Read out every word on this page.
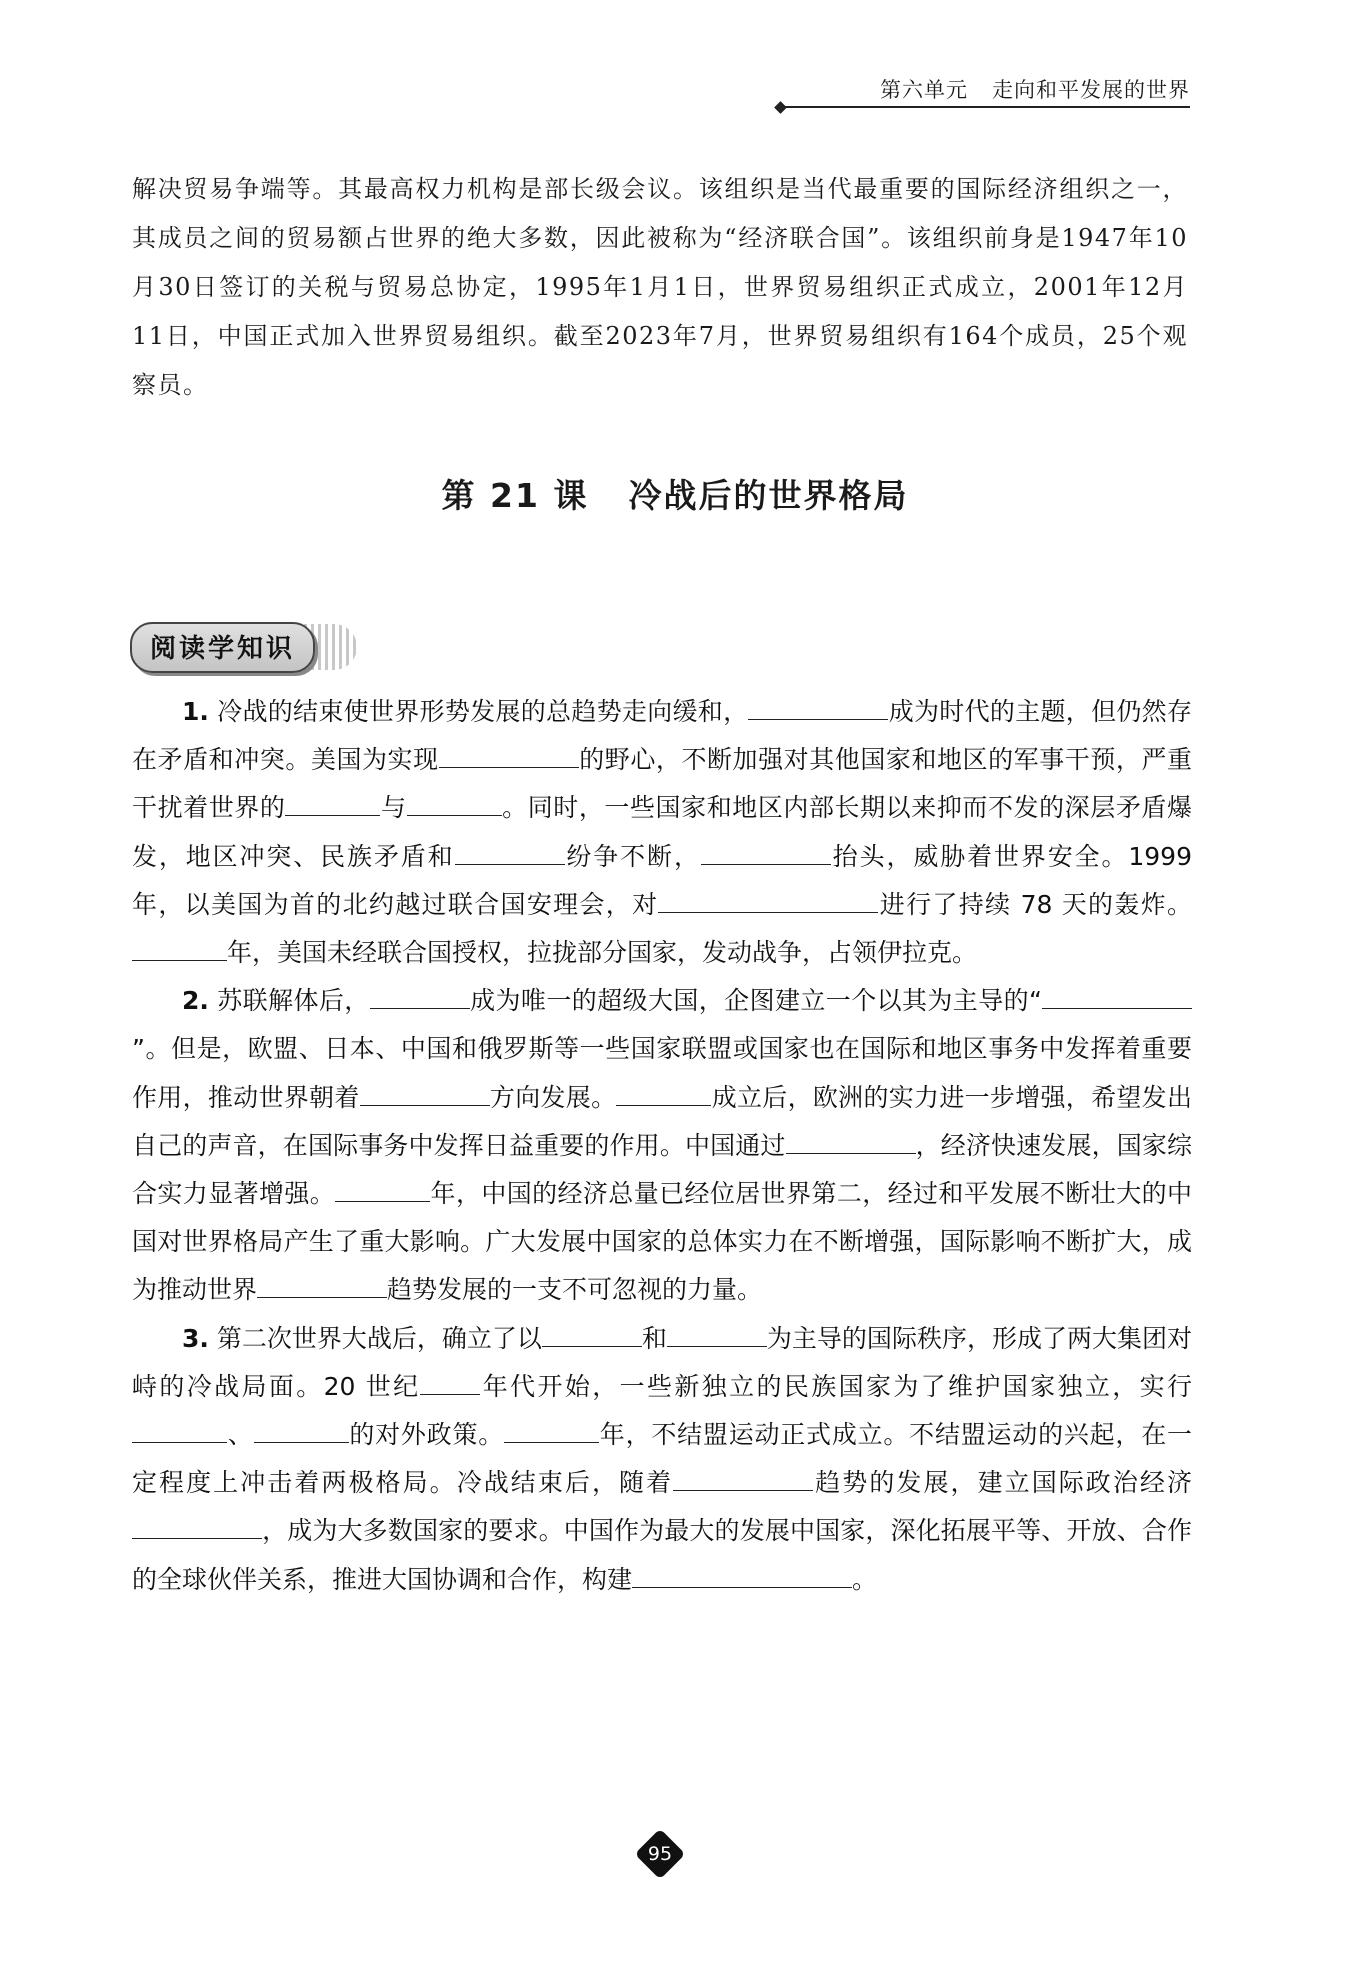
第六单元 走向和平发展的世界
解决贸易争端等。其最高权力机构是部长级会议。该组织是当代最重要的国际经济组织之一，其成员之间的贸易额占世界的绝大多数，因此被称为“经济联合国”。该组织前身是1947年10月30日签订的关税与贸易总协定，1995年1月1日，世界贸易组织正式成立，2001年12月11日，中国正式加入世界贸易组织。截至2023年7月，世界贸易组织有164个成员，25个观察员。
第 21 课 冷战后的世界格局
阅读学知识

1. 冷战的结束使世界形势发展的总趋势走向缓和，	成为时代的主题，但仍然存在矛盾和冲突。美国为实现	的野心，不断加强对其他国家和地区的军事干预，严重干扰着世界的	与	。同时，一些国家和地区内部长期以来抑而不发的深层矛盾爆发，地区冲突、民族矛盾和	纷争不断，	抬头，威胁着世界安全。1999 年，以美国为首的北约越过联合国安理会，对	进行了持续 78 天的轰炸。年，美国未经联合国授权，拉拢部分国家，发动战争，占领伊拉克。

2. 苏联解体后，	成为唯一的超级大国，企图建立一个以其为主导的“”。但是，欧盟、日本、中国和俄罗斯等一些国家联盟或国家也在国际和地区事务中发挥着重要作用，推动世界朝着	方向发展。	成立后，欧洲的实力进一步增强，希望发出自己的声音，在国际事务中发挥日益重要的作用。中国通过	，经济快速发展，国家综合实力显著增强。	年，中国的经济总量已经位居世界第二，经过和平发展不断壮大的中国对世界格局产生了重大影响。广大发展中国家的总体实力在不断增强，国际影响不断扩大，成为推动世界	趋势发展的一支不可忽视的力量。

3. 第二次世界大战后，确立了以	和	为主导的国际秩序，形成了两大集团对峙的冷战局面。20 世纪 年代开始，一些新独立的民族国家为了维护国家独立，实行、	的对外政策。	年，不结盟运动正式成立。不结盟运动的兴起，在一定程度上冲击着两极格局。冷战结束后，随着	趋势的发展，建立国际政治经济，成为大多数国家的要求。中国作为最大的发展中国家，深化拓展平等、开放、合作的全球伙伴关系，推进大国协调和合作，构建	。

95
